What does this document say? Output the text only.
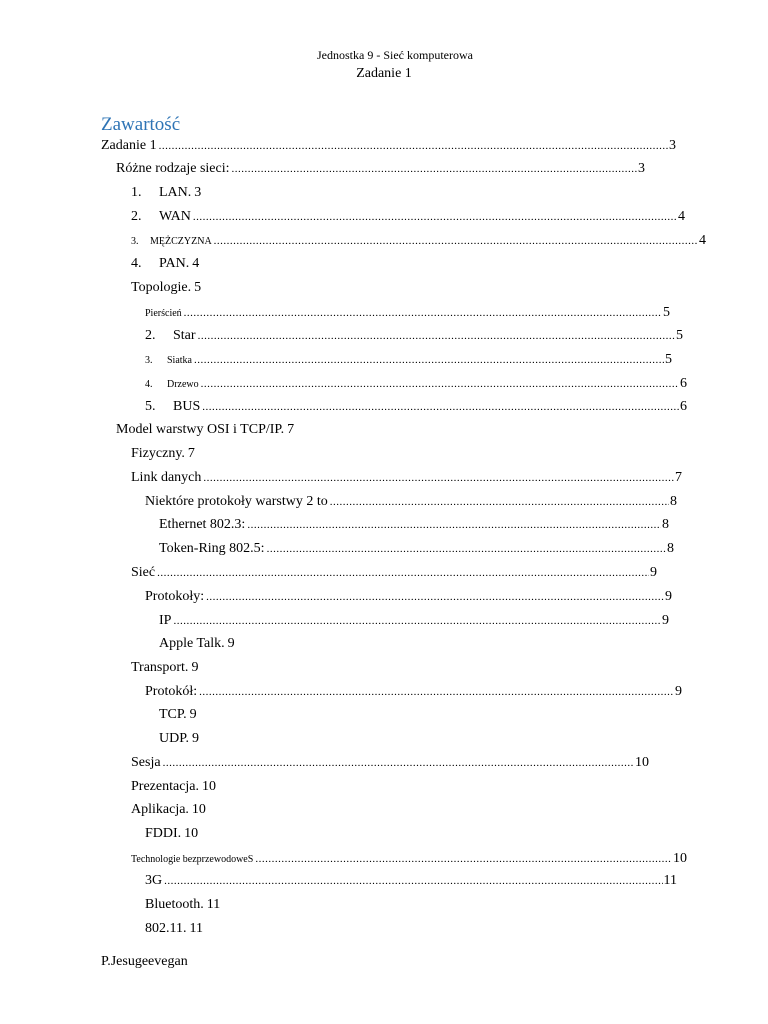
Jednostka 9 - Sieć komputerowa
Zadanie 1
Zawartość
Zadanie 1 .....	3
Różne rodzaje sieci: .....	3
1.	LAN. 3
2.	WAN .....	4
3.	MĘŻCZYZNA .....	4
4.	PAN. 4
Topologie. 5
Pierścień .....	5
2.	Star .....	5
3.	Siatka .....	5
4.	Drzewo .....	6
5.	BUS .....	6
Model warstwy OSI i TCP/IP. 7
Fizyczny. 7
Link danych .....	7
Niektóre protokoły warstwy 2 to .....	8
Ethernet 802.3: .....	8
Token-Ring 802.5: .....	8
Sieć .....	9
Protokoły: .....	9
IP .....	9
Apple Talk. 9
Transport. 9
Protokół: .....	9
TCP. 9
UDP. 9
Sesja .....	10
Prezentacja. 10
Aplikacja. 10
FDDI. 10
Technologie bezprzewodoweS .....	10
3G .....	11
Bluetooth. 11
802.11. 11
P.Jesugeevegan
